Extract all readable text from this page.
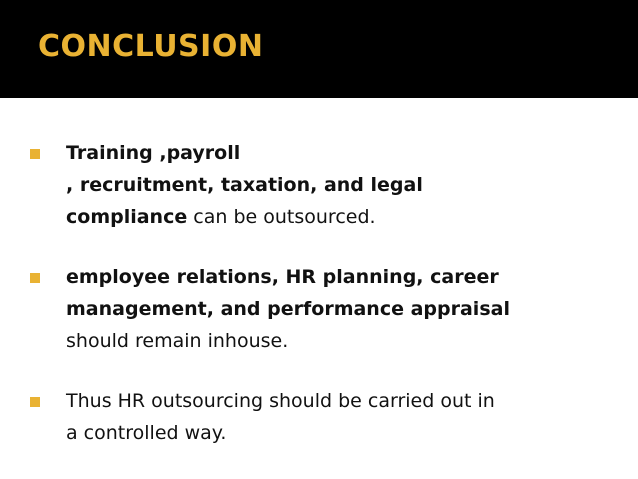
CONCLUSION
Training ,payroll
, recruitment, taxation, and legal
compliance can be outsourced.
employee relations, HR planning, career
management, and performance appraisal
should remain inhouse.
Thus HR outsourcing should be carried out in
a controlled way.
